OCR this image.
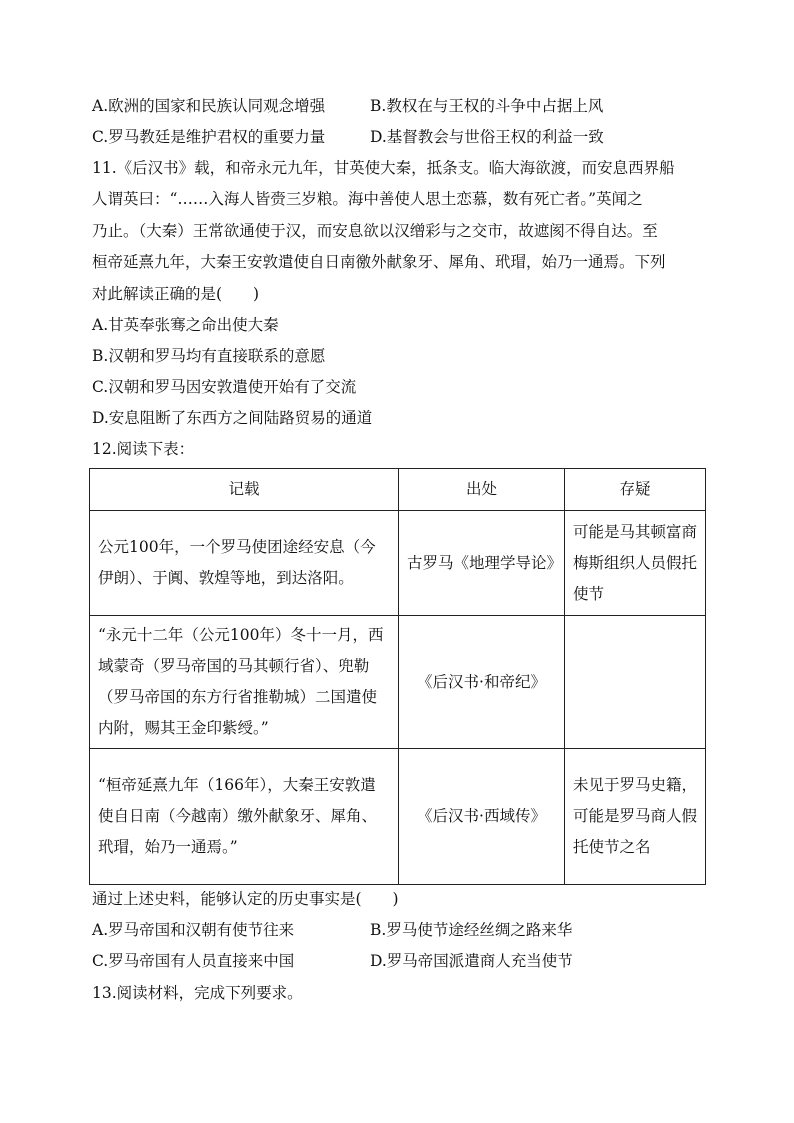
A.欧洲的国家和民族认同观念增强	B.教权在与王权的斗争中占据上风
C.罗马教廷是维护君权的重要力量	D.基督教会与世俗王权的利益一致
11.《后汉书》载，和帝永元九年，甘英使大秦，抵条支。临大海欲渡，而安息西界船
人谓英曰：“……入海人皆赍三岁粮。海中善使人思土恋慕，数有死亡者。”英闻之
乃止。（大秦）王常欲通使于汉，而安息欲以汉缯彩与之交市，故遮阂不得自达。至
桓帝延熹九年，大秦王安敦遣使自日南徼外献象牙、犀角、玳瑁，始乃一通焉。下列
对此解读正确的是(　　)
A.甘英奉张骞之命出使大秦
B.汉朝和罗马均有直接联系的意愿
C.汉朝和罗马因安敦遣使开始有了交流
D.安息阻断了东西方之间陆路贸易的通道
12.阅读下表：
记载	出处	存疑
公元100年，一个罗马使团途经安息（今伊朗）、于阗、敦煌等地，到达洛阳。	古罗马《地理学导论》	可能是马其顿富商梅斯组织人员假托使节
“永元十二年（公元100年）冬十一月，西域蒙奇（罗马帝国的马其顿行省）、兜勒（罗马帝国的东方行省推勒城）二国遣使内附，赐其王金印紫绶。”	《后汉书·和帝纪》	
“桓帝延熹九年（166年），大秦王安敦遣使自日南（今越南）缴外献象牙、犀角、玳瑁，始乃一通焉。”	《后汉书·西域传》	未见于罗马史籍，可能是罗马商人假托使节之名
通过上述史料，能够认定的历史事实是(　　)
A.罗马帝国和汉朝有使节往来	B.罗马使节途经丝绸之路来华
C.罗马帝国有人员直接来中国	D.罗马帝国派遣商人充当使节
13.阅读材料，完成下列要求。
